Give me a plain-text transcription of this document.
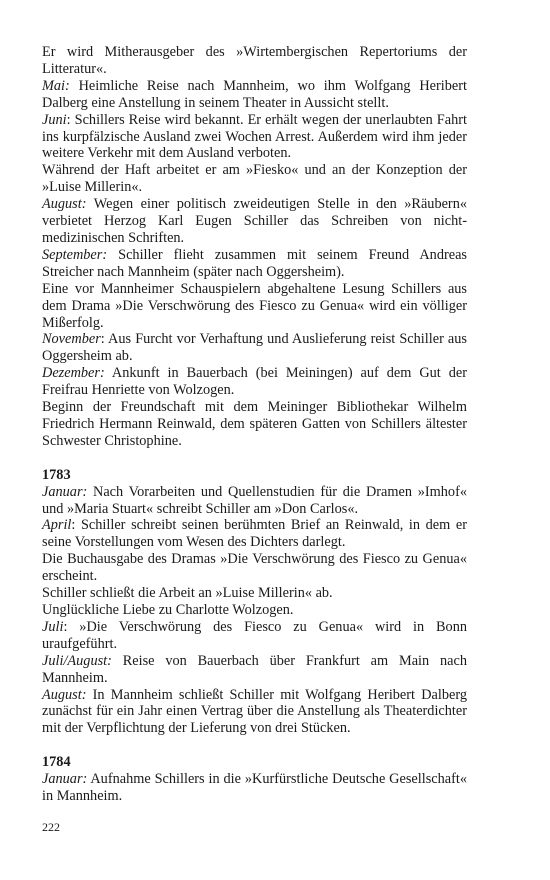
Er wird Mitherausgeber des »Wirtembergischen Repertoriums der Litteratur«.

Mai: Heimliche Reise nach Mannheim, wo ihm Wolfgang Heribert Dalberg eine Anstellung in seinem Theater in Aussicht stellt.

Juni: Schillers Reise wird bekannt. Er erhält wegen der unerlaubten Fahrt ins kurpfälzische Ausland zwei Wochen Arrest. Außerdem wird ihm jeder weitere Verkehr mit dem Ausland verboten.

Während der Haft arbeitet er am »Fiesko« und an der Konzeption der »Luise Millerin«.

August: Wegen einer politisch zweideutigen Stelle in den »Räubern« verbietet Herzog Karl Eugen Schiller das Schreiben von nicht-medizinischen Schriften.

September: Schiller flieht zusammen mit seinem Freund Andreas Streicher nach Mannheim (später nach Oggersheim).

Eine vor Mannheimer Schauspielern abgehaltene Lesung Schillers aus dem Drama »Die Verschwörung des Fiesco zu Genua« wird ein völliger Mißerfolg.

November: Aus Furcht vor Verhaftung und Auslieferung reist Schiller aus Oggersheim ab.

Dezember: Ankunft in Bauerbach (bei Meiningen) auf dem Gut der Freifrau Henriette von Wolzogen.

Beginn der Freundschaft mit dem Meininger Bibliothekar Wilhelm Friedrich Hermann Reinwald, dem späteren Gatten von Schillers ältester Schwester Christophine.

1783

Januar: Nach Vorarbeiten und Quellenstudien für die Dramen »Imhof« und »Maria Stuart« schreibt Schiller am »Don Carlos«.

April: Schiller schreibt seinen berühmten Brief an Reinwald, in dem er seine Vorstellungen vom Wesen des Dichters darlegt.

Die Buchausgabe des Dramas »Die Verschwörung des Fiesco zu Genua« erscheint.

Schiller schließt die Arbeit an »Luise Millerin« ab.

Unglückliche Liebe zu Charlotte Wolzogen.

Juli: »Die Verschwörung des Fiesco zu Genua« wird in Bonn uraufgeführt.

Juli/August: Reise von Bauerbach über Frankfurt am Main nach Mannheim.

August: In Mannheim schließt Schiller mit Wolfgang Heribert Dalberg zunächst für ein Jahr einen Vertrag über die Anstellung als Theaterdichter mit der Verpflichtung der Lieferung von drei Stücken.

1784

Januar: Aufnahme Schillers in die »Kurfürstliche Deutsche Gesellschaft« in Mannheim.

222
